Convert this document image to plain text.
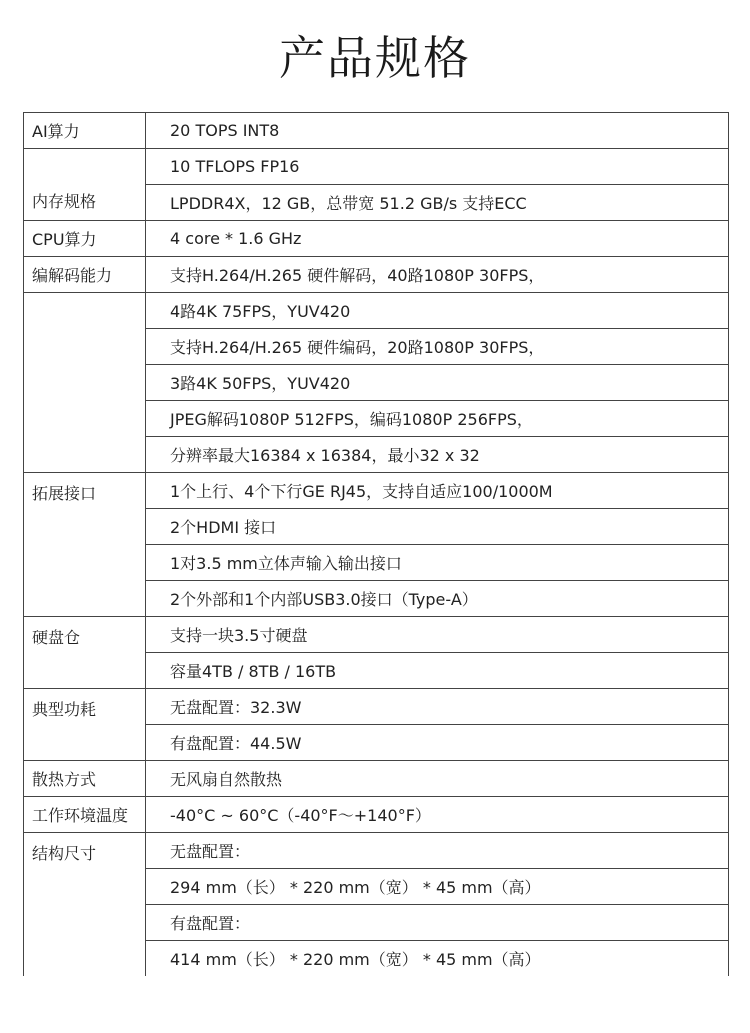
产品规格
AI算力	20 TOPS INT8
内存规格	10 TFLOPS FP16
	LPDDR4X，12 GB，总带宽 51.2 GB/s 支持ECC
CPU算力	4 core * 1.6 GHz
编解码能力	支持H.264/H.265 硬件解码，40路1080P 30FPS，
	4路4K 75FPS，YUV420
	支持H.264/H.265 硬件编码，20路1080P 30FPS，
	3路4K 50FPS，YUV420
	JPEG解码1080P 512FPS，编码1080P 256FPS，
	分辨率最大16384 x 16384，最小32 x 32
拓展接口	1个上行、4个下行GE RJ45，支持自适应100/1000M
	2个HDMI 接口
	1对3.5 mm立体声输入输出接口
	2个外部和1个内部USB3.0接口（Type-A）
硬盘仓	支持一块3.5寸硬盘
	容量4TB / 8TB / 16TB
典型功耗	无盘配置：32.3W
	有盘配置：44.5W
散热方式	无风扇自然散热
工作环境温度	-40°C ~ 60°C（-40°F～+140°F）
结构尺寸	无盘配置：
	294 mm（长） * 220 mm（宽） * 45 mm（高）
	有盘配置：
	414 mm（长） * 220 mm（宽） * 45 mm（高）
